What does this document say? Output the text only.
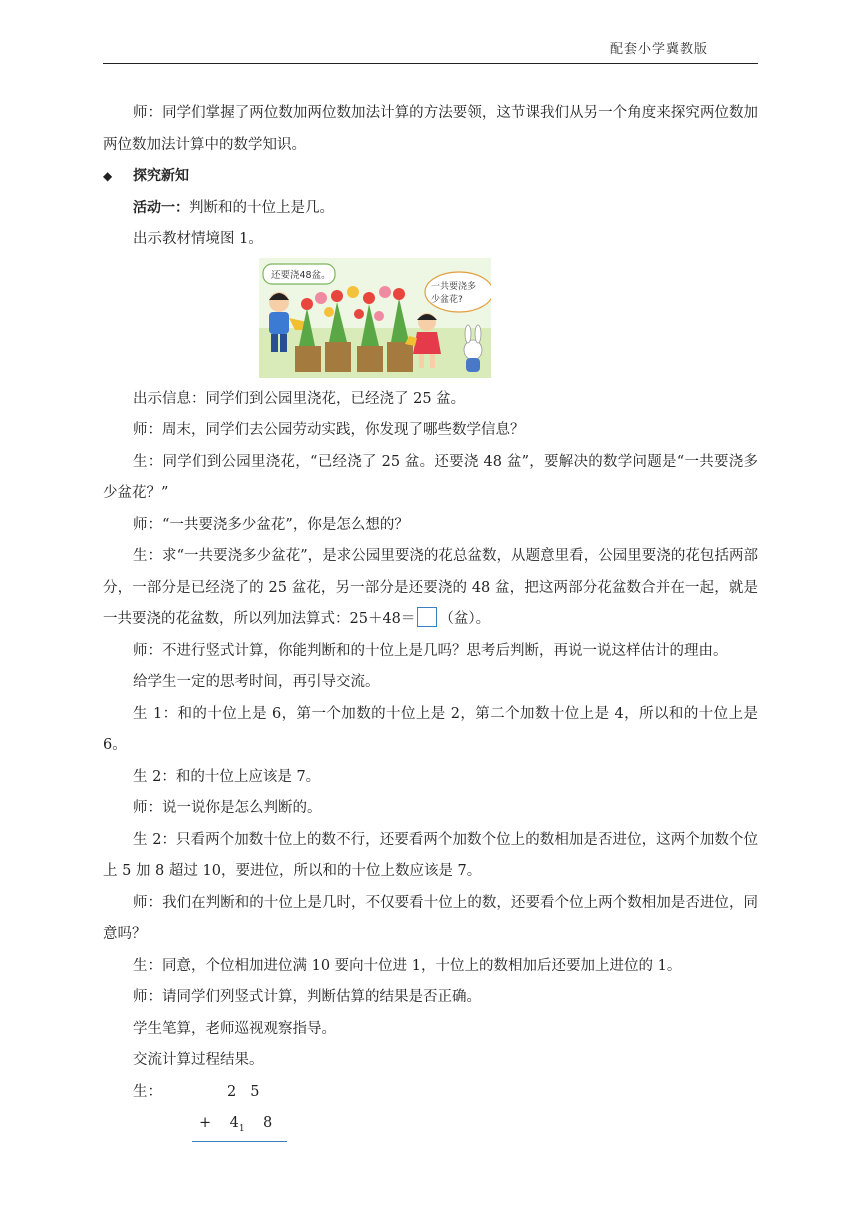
配套小学冀教版

师：同学们掌握了两位数加两位数加法计算的方法要领，这节课我们从另一个角度来探究两位数加两位数加法计算中的数学知识。

◆	探究新知

活动一：判断和的十位上是几。

出示教材情境图 1。

还要浇48盆。
一共要浇多
少盆花?

出示信息：同学们到公园里浇花，已经浇了 25 盆。

师：周末，同学们去公园劳动实践，你发现了哪些数学信息？

生：同学们到公园里浇花，“已经浇了 25 盆。还要浇 48 盆”，要解决的数学问题是“一共要浇多少盆花？”

师：“一共要浇多少盆花”，你是怎么想的？

生：求“一共要浇多少盆花”，是求公园里要浇的花总盆数，从题意里看，公园里要浇的花包括两部分，一部分是已经浇了的 25 盆花，另一部分是还要浇的 48 盆，把这两部分花盆数合并在一起，就是一共要浇的花盆数，所以列加法算式：25＋48＝ （盆）。

师：不进行竖式计算，你能判断和的十位上是几吗？思考后判断，再说一说这样估计的理由。

给学生一定的思考时间，再引导交流。

生 1：和的十位上是 6，第一个加数的十位上是 2，第二个加数十位上是 4，所以和的十位上是 6。

生 2：和的十位上应该是 7。

师：说一说你是怎么判断的。

生 2：只看两个加数十位上的数不行，还要看两个加数个位上的数相加是否进位，这两个加数个位上 5 加 8 超过 10，要进位，所以和的十位上数应该是 7。

师：我们在判断和的十位上是几时，不仅要看十位上的数，还要看个位上两个数相加是否进位，同意吗？

生：同意，个位相加进位满 10 要向十位进 1，十位上的数相加后还要加上进位的 1。

师：请同学们列竖式计算，判断估算的结果是否正确。

学生笔算，老师巡视观察指导。

交流计算过程结果。

生：	25
+ $4_1$ 8
